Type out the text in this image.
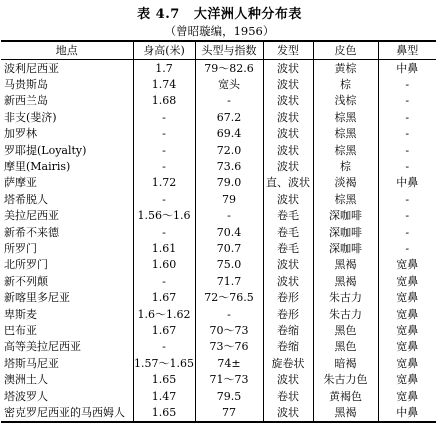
表 4.7 大洋洲人种分布表
（曾昭璇编，1956）
地点	身高(米)	头型与指数	发型	皮色	鼻型
波利尼西亚	1.7	79～82.6	波状	黄棕	中鼻
马贵斯岛	1.74	宽头	波状	棕	-
新西兰岛	1.68	-	波状	浅棕	-
非支(斐济)	-	67.2	波状	棕黑	-
加罗林	-	69.4	波状	棕黑	-
罗耶提(Loyalty)	-	72.0	波状	棕黑	-
摩里(Mairis)	-	73.6	波状	棕	-
萨摩亚	1.72	79.0	直、波状	淡褐	中鼻
塔希脱人	-	79	波状	棕黑	-
美拉尼西亚	1.56～1.6	-	卷毛	深咖啡	-
新希不来德	-	70.4	卷毛	深咖啡	-
所罗门	1.61	70.7	卷毛	深咖啡	-
北所罗门	1.60	75.0	波状	黑褐	宽鼻
新不列颠	-	71.7	波状	黑褐	宽鼻
新喀里多尼亚	1.67	72～76.5	卷形	朱古力	宽鼻
卑斯麦	1.6～1.62	-	卷形	朱古力	宽鼻
巴布亚	1.67	70～73	卷缩	黑色	宽鼻
高等美拉尼西亚	-	73～76	卷缩	黑色	宽鼻
塔斯马尼亚	1.57～1.65	74±	旋卷状	暗褐	宽鼻
澳洲土人	1.65	71～73	波状	朱古力色	宽鼻
塔波罗人	1.47	79.5	卷状	黄褐色	宽鼻
密克罗尼西亚的马西姆人	1.65	77	波状	黑褐	中鼻
